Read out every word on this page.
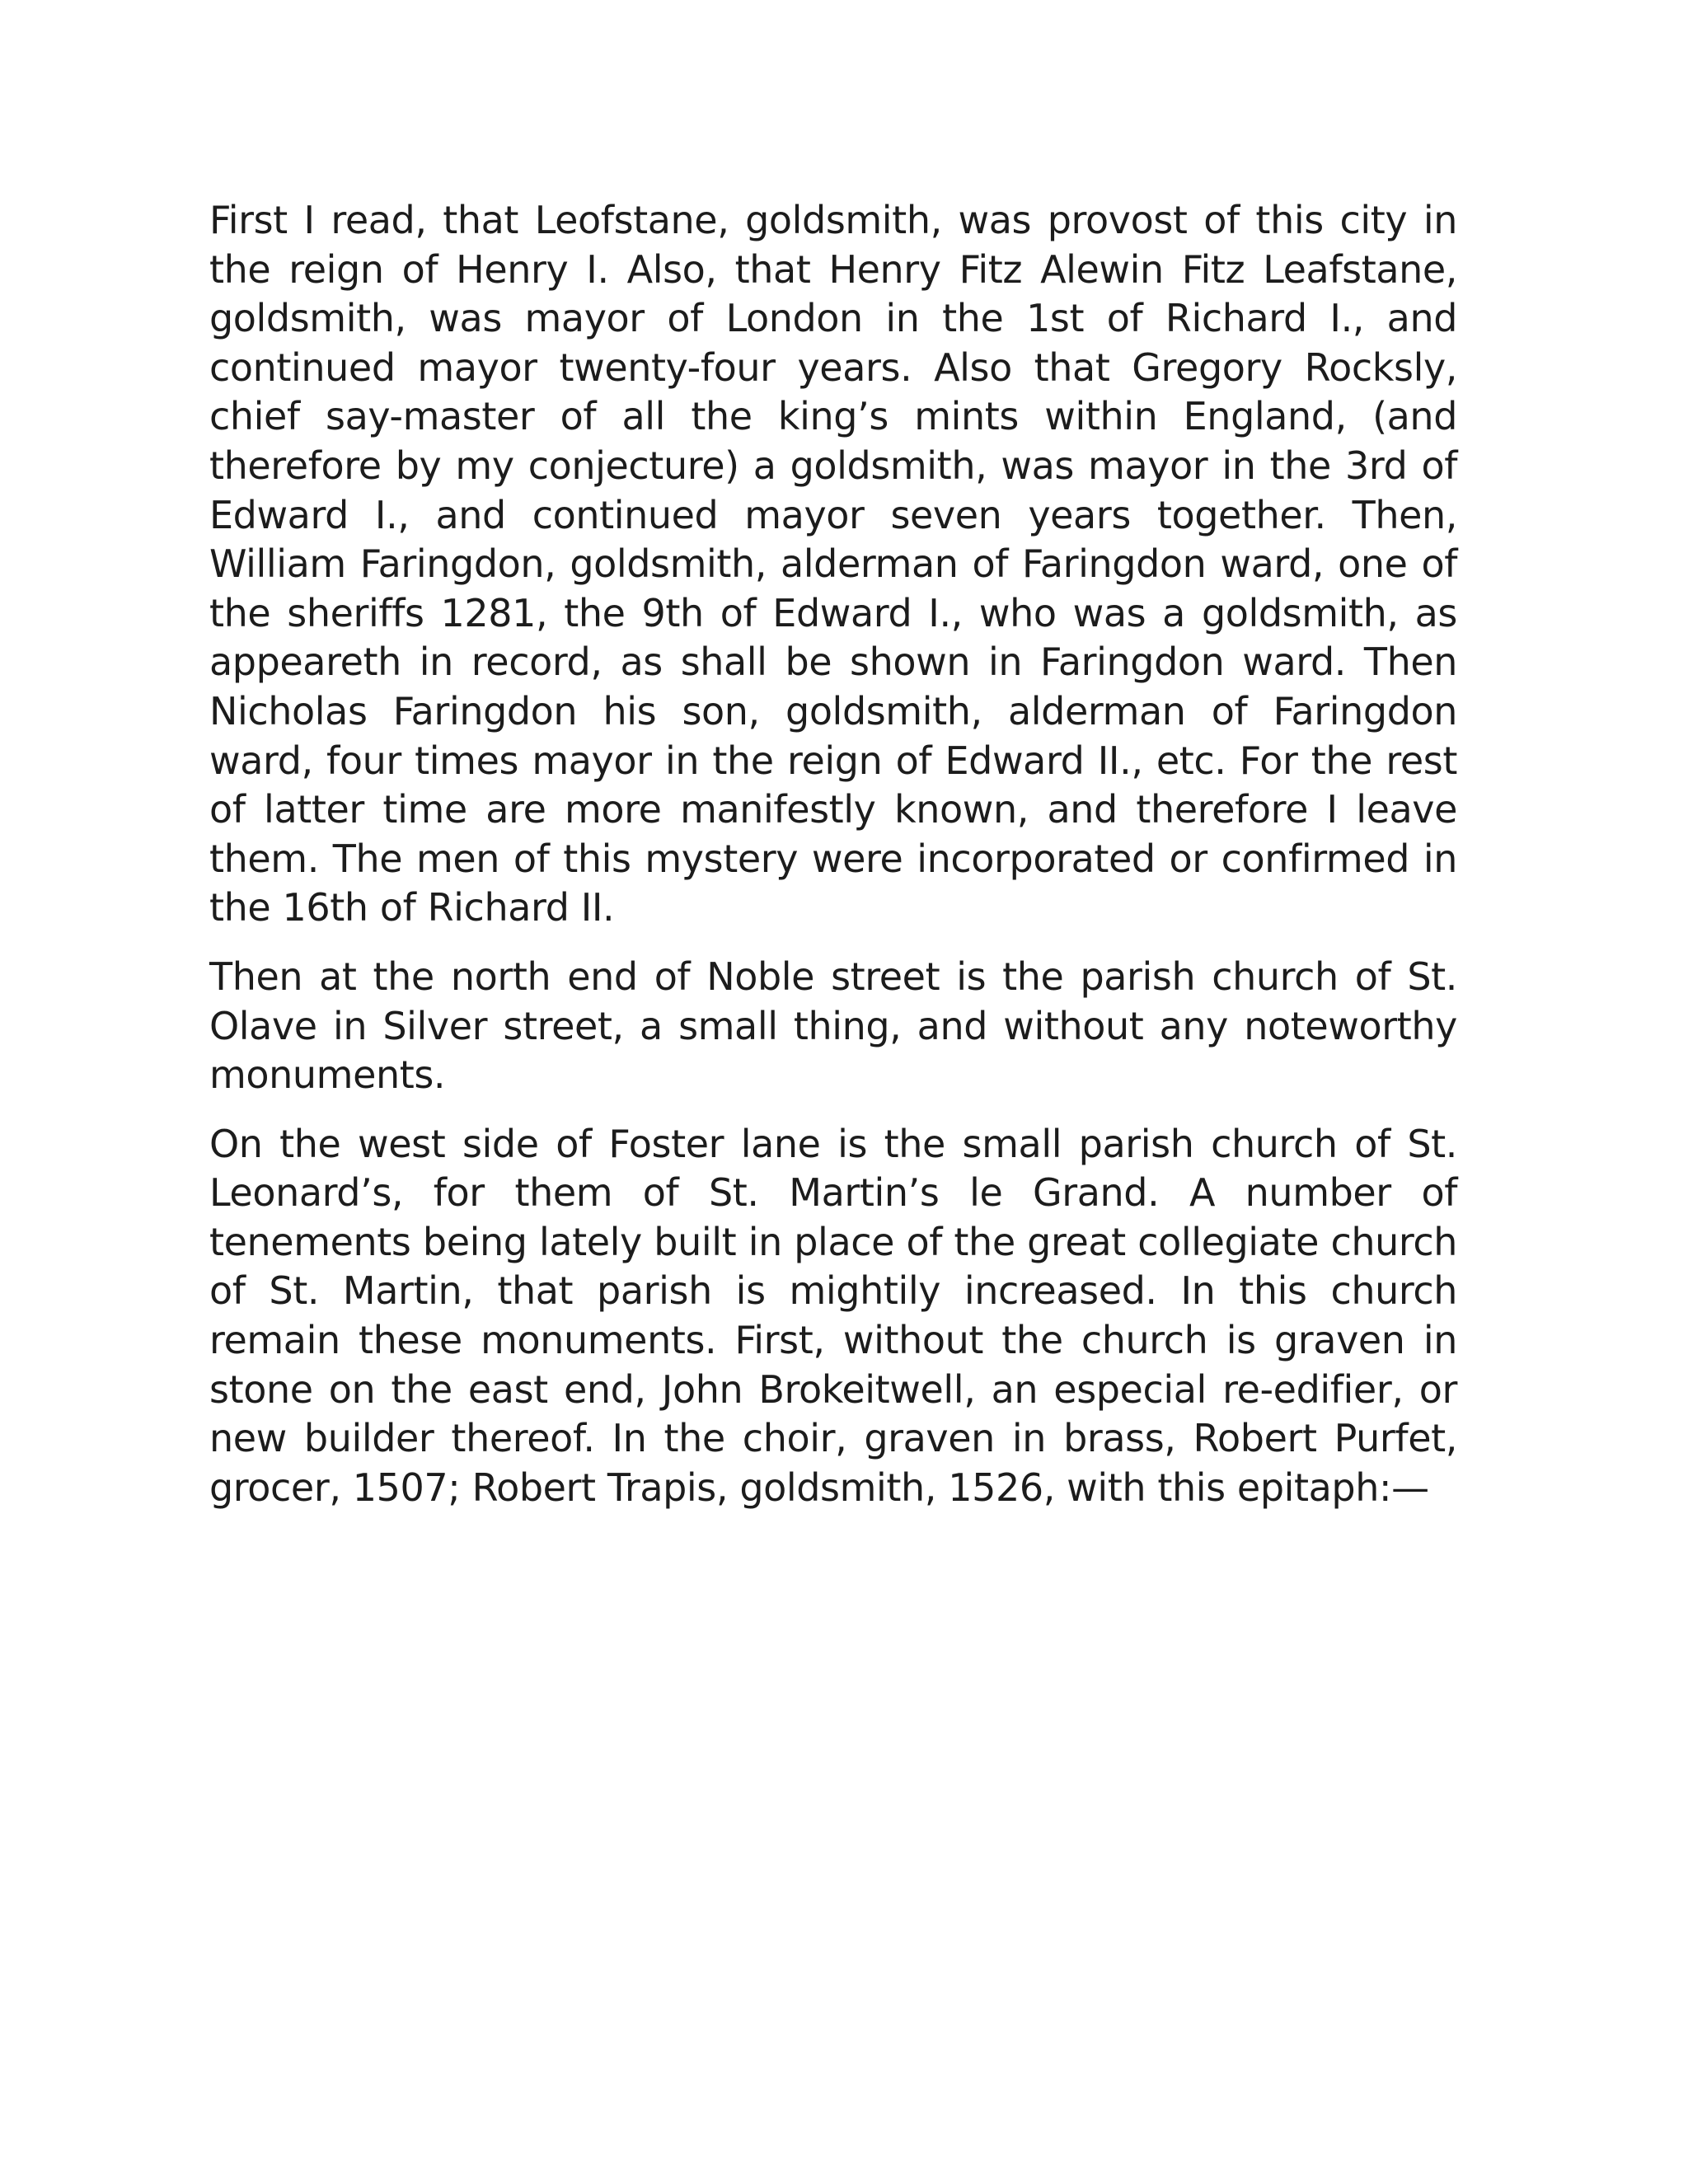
First I read, that Leofstane, goldsmith, was provost of this city in the reign of Henry I. Also, that Henry Fitz Alewin Fitz Leafstane, goldsmith, was mayor of London in the 1st of Richard I., and continued mayor twenty-four years. Also that Gregory Rocksly, chief say-master of all the king’s mints within England, (and therefore by my conjecture) a goldsmith, was mayor in the 3rd of Edward I., and continued mayor seven years together. Then, William Faringdon, goldsmith, alderman of Faringdon ward, one of the sheriffs 1281, the 9th of Edward I., who was a goldsmith, as appeareth in record, as shall be shown in Faringdon ward. Then Nicholas Faringdon his son, goldsmith, alderman of Faringdon ward, four times mayor in the reign of Edward II., etc. For the rest of latter time are more manifestly known, and therefore I leave them. The men of this mystery were incorporated or confirmed in the 16th of Richard II.

Then at the north end of Noble street is the parish church of St. Olave in Silver street, a small thing, and without any noteworthy monuments.

On the west side of Foster lane is the small parish church of St. Leonard’s, for them of St. Martin’s le Grand. A number of tenements being lately built in place of the great collegiate church of St. Martin, that parish is mightily increased. In this church remain these monuments. First, without the church is graven in stone on the east end, John Brokeitwell, an especial re-edifier, or new builder thereof. In the choir, graven in brass, Robert Purfet, grocer, 1507; Robert Trapis, goldsmith, 1526, with this epitaph:—
